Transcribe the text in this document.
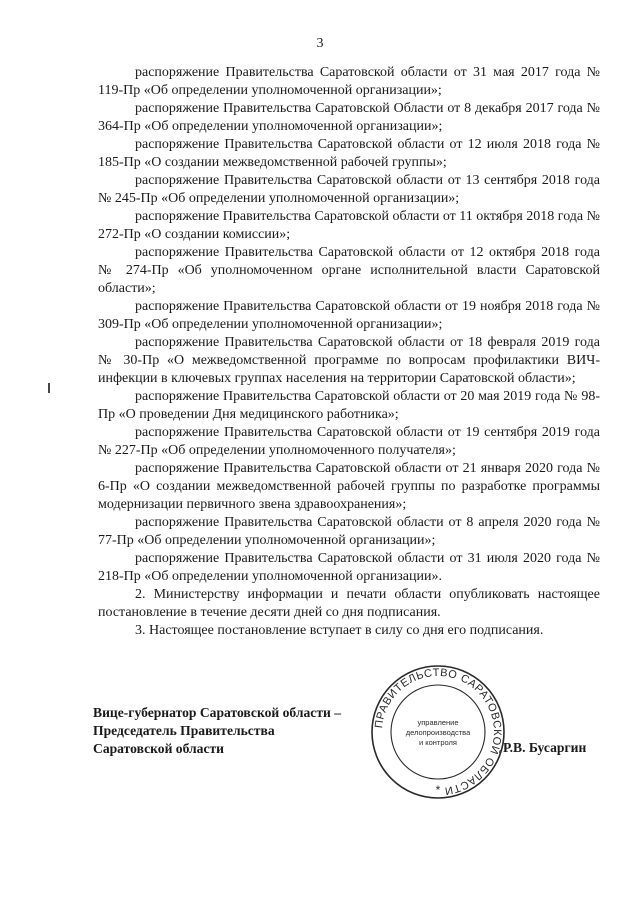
3

распоряжение Правительства Саратовской области от 31 мая 2017 года № 119-Пр «Об определении уполномоченной организации»;

распоряжение Правительства Саратовской Области от 8 декабря 2017 года № 364-Пр «Об определении уполномоченной организации»;

распоряжение Правительства Саратовской области от 12 июля 2018 года № 185-Пр «О создании межведомственной рабочей группы»;

распоряжение Правительства Саратовской области от 13 сентября 2018 года № 245-Пр «Об определении уполномоченной организации»;

распоряжение Правительства Саратовской области от 11 октября 2018 года № 272-Пр «О создании комиссии»;

распоряжение Правительства Саратовской области от 12 октября 2018 года № 274-Пр «Об уполномоченном органе исполнительной власти Саратовской области»;

распоряжение Правительства Саратовской области от 19 ноября 2018 года № 309-Пр «Об определении уполномоченной организации»;

распоряжение Правительства Саратовской области от 18 февраля 2019 года № 30-Пр «О межведомственной программе по вопросам профилактики ВИЧ-инфекции в ключевых группах населения на территории Саратовской области»;

распоряжение Правительства Саратовской области от 20 мая 2019 года № 98-Пр «О проведении Дня медицинского работника»;

распоряжение Правительства Саратовской области от 19 сентября 2019 года № 227-Пр «Об определении уполномоченного получателя»;

распоряжение Правительства Саратовской области от 21 января 2020 года № 6-Пр «О создании межведомственной рабочей группы по разработке программы модернизации первичного звена здравоохранения»;

распоряжение Правительства Саратовской области от 8 апреля 2020 года № 77-Пр «Об определении уполномоченной организации»;

распоряжение Правительства Саратовской области от 31 июля 2020 года № 218-Пр «Об определении уполномоченной организации».

2. Министерству информации и печати области опубликовать настоящее постановление в течение десяти дней со дня подписания.

3. Настоящее постановление вступает в силу со дня его подписания.

Вице-губернатор Саратовской области –
Председатель Правительства
Саратовской области	Р.В. Бусаргин
ПРАВИТЕЛЬСТВО САРАТОВСКОЙ ОБЛАСТИ
управление
делопроизводства
и контроля
*
